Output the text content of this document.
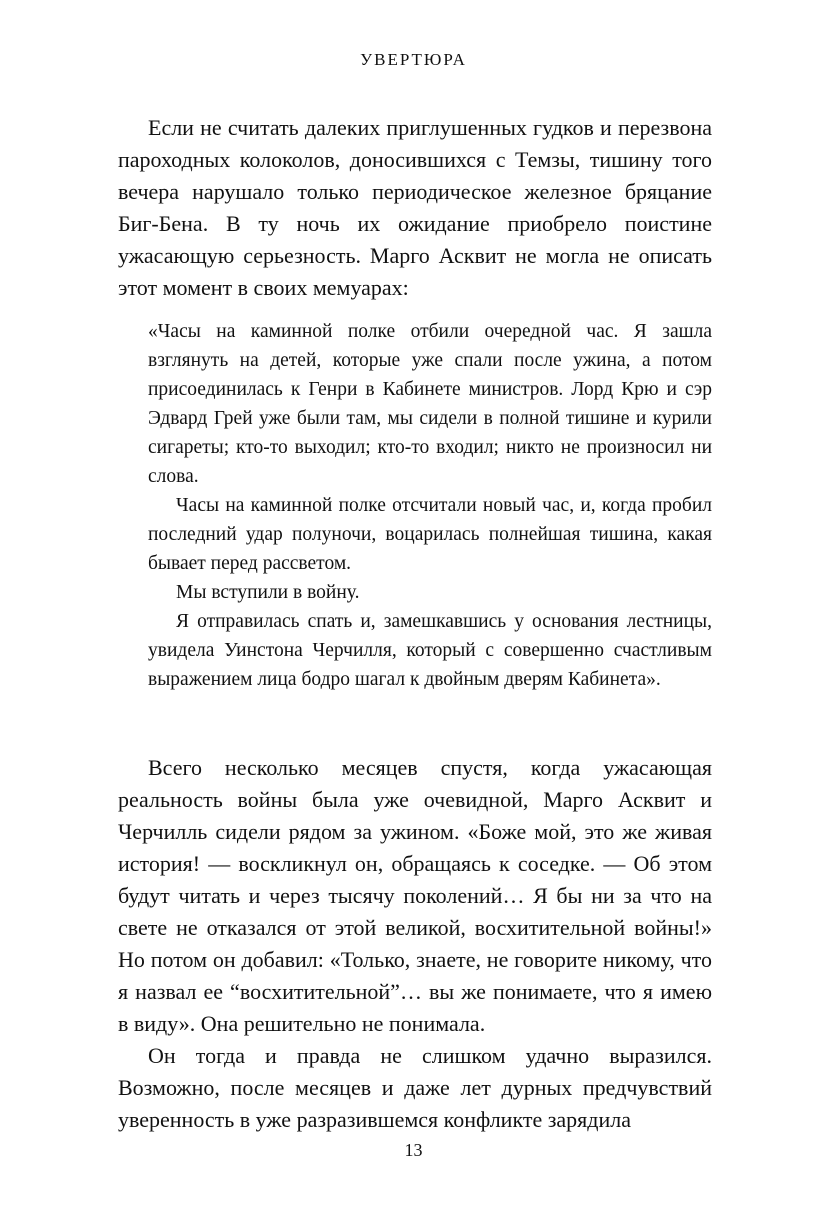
УВЕРТЮРА

Если не считать далеких приглушенных гудков и перезвона пароходных колоколов, доносившихся с Темзы, тишину того вечера нарушало только периодическое железное бряцание Биг-Бена. В ту ночь их ожидание приобрело поистине ужасающую серьезность. Марго Асквит не могла не описать этот момент в своих мемуарах:

«Часы на каминной полке отбили очередной час. Я зашла взглянуть на детей, которые уже спали после ужина, а потом присоединилась к Генри в Кабинете министров. Лорд Крю и сэр Эдвард Грей уже были там, мы сидели в полной тишине и курили сигареты; кто-то выходил; кто-то входил; никто не произносил ни слова.

Часы на каминной полке отсчитали новый час, и, когда пробил последний удар полуночи, воцарилась полнейшая тишина, какая бывает перед рассветом.

Мы вступили в войну.

Я отправилась спать и, замешкавшись у основания лестницы, увидела Уинстона Черчилля, который с совершенно счастливым выражением лица бодро шагал к двойным дверям Кабинета».

Всего несколько месяцев спустя, когда ужасающая реальность войны была уже очевидной, Марго Асквит и Черчилль сидели рядом за ужином. «Боже мой, это же живая история! — воскликнул он, обращаясь к соседке. — Об этом будут читать и через тысячу поколений… Я бы ни за что на свете не отказался от этой великой, восхитительной войны!» Но потом он добавил: «Только, знаете, не говорите никому, что я назвал ее “восхитительной”… вы же понимаете, что я имею в виду». Она решительно не понимала.

Он тогда и правда не слишком удачно выразился. Возможно, после месяцев и даже лет дурных предчувствий уверенность в уже разразившемся конфликте зарядила

13
